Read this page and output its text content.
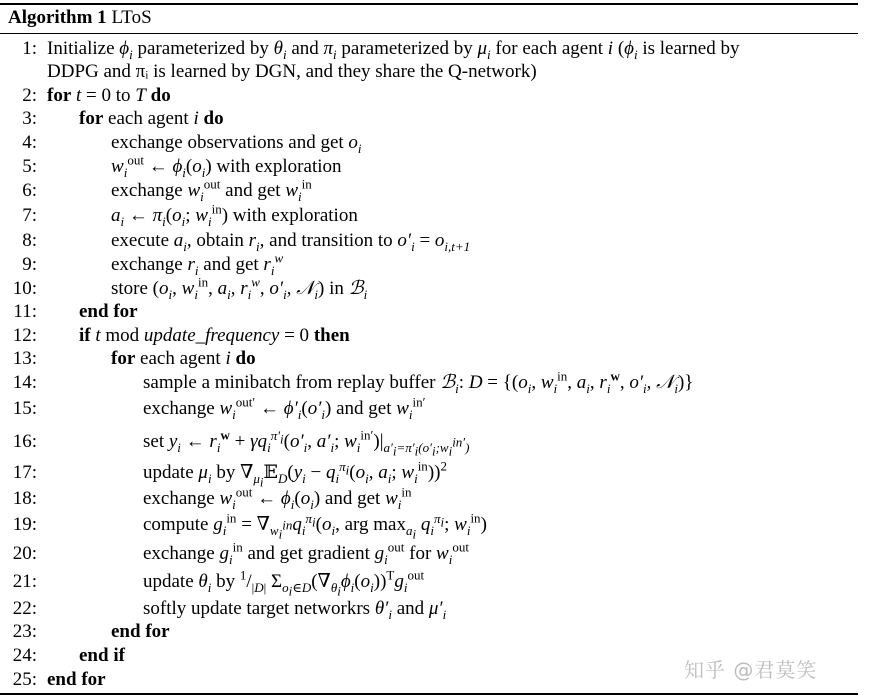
Algorithm 1 LToS
1: Initialize $\phi_i$ parameterized by $\theta_i$ and $\pi_i$ parameterized by $\mu_i$ for each agent i ($\phi_i$ is learned by
DDPG and πᵢ is learned by DGN, and they share the Q-network)
2: for t = 0 to T do
3: for each agent i do
4:	exchange observations and get $o_i$
5:	$w_i^{out}$ ← $\phi_i(o_i)$ with exploration
6:	exchange $w_i^{out}$ and get $w_i^{in}$
7:	$a_i$ ← $\pi_i(o_i$; $w_i^{in}$) with exploration
8:	execute $a_i$, obtain $r_i$, and transition to $o'_i = o_{i,t+1}$
9:	exchange $r_i$ and get $r_i^w$
10:	store ($o_i$, $w_i^{in}$, $a_i$, $r_i^w$, $o'_i$, 𝒩$_i$) in ℬ$_i$
11: end for
12: if t mod update_frequency = 0 then
13:	for each agent i do
14:	sample a minibatch from replay buffer ℬ$_i$: $D = \{(o_i$, $w_i^{in}$, $a_i$, $r_i^w$, $o'_i$, 𝒩$_i$)}
15:	exchange $w_i^{out'}$ ← $\phi'_i(o'_i)$ and get $w_i^{in'}$
16:	set $y_i$ ← $r_i^w + \gamma q_i^{\pi'_i}(o'_i$, $a'_i$; $w_i^{in'})|_{a'_i=\pi'_i(o'_i;w_i^{in'})}$
17:	update $\mu_i$ by $\nabla_{\mu_i}𝔼_D(y_i - q_i^{\pi_i}(o_i$, $a_i$; $w_i^{in}))^2$
18:	exchange $w_i^{out}$ ← $\phi_i(o_i)$ and get $w_i^{in}$
19:	compute $g_i^{in} = \nabla_{w_i^{in}}q_i^{\pi_i}(o_i$, arg $\max_{a_i} q_i^{\pi_i}$; $w_i^{in}$)
20:	exchange $g_i^{in}$ and get gradient $g_i^{out}$ for $w_i^{out}$
21:	update $\theta_i$ by $^1/_{|D|}$ $\Sigma_{o_i\in D}(\nabla_{\theta_i}\phi_i(o_i))^Tg_i^{out}$
22:	softly update target networkrs $\theta'_i$ and $\mu'_i$
23:	end for
24: end if
25: end for	知乎 @君莫笑
